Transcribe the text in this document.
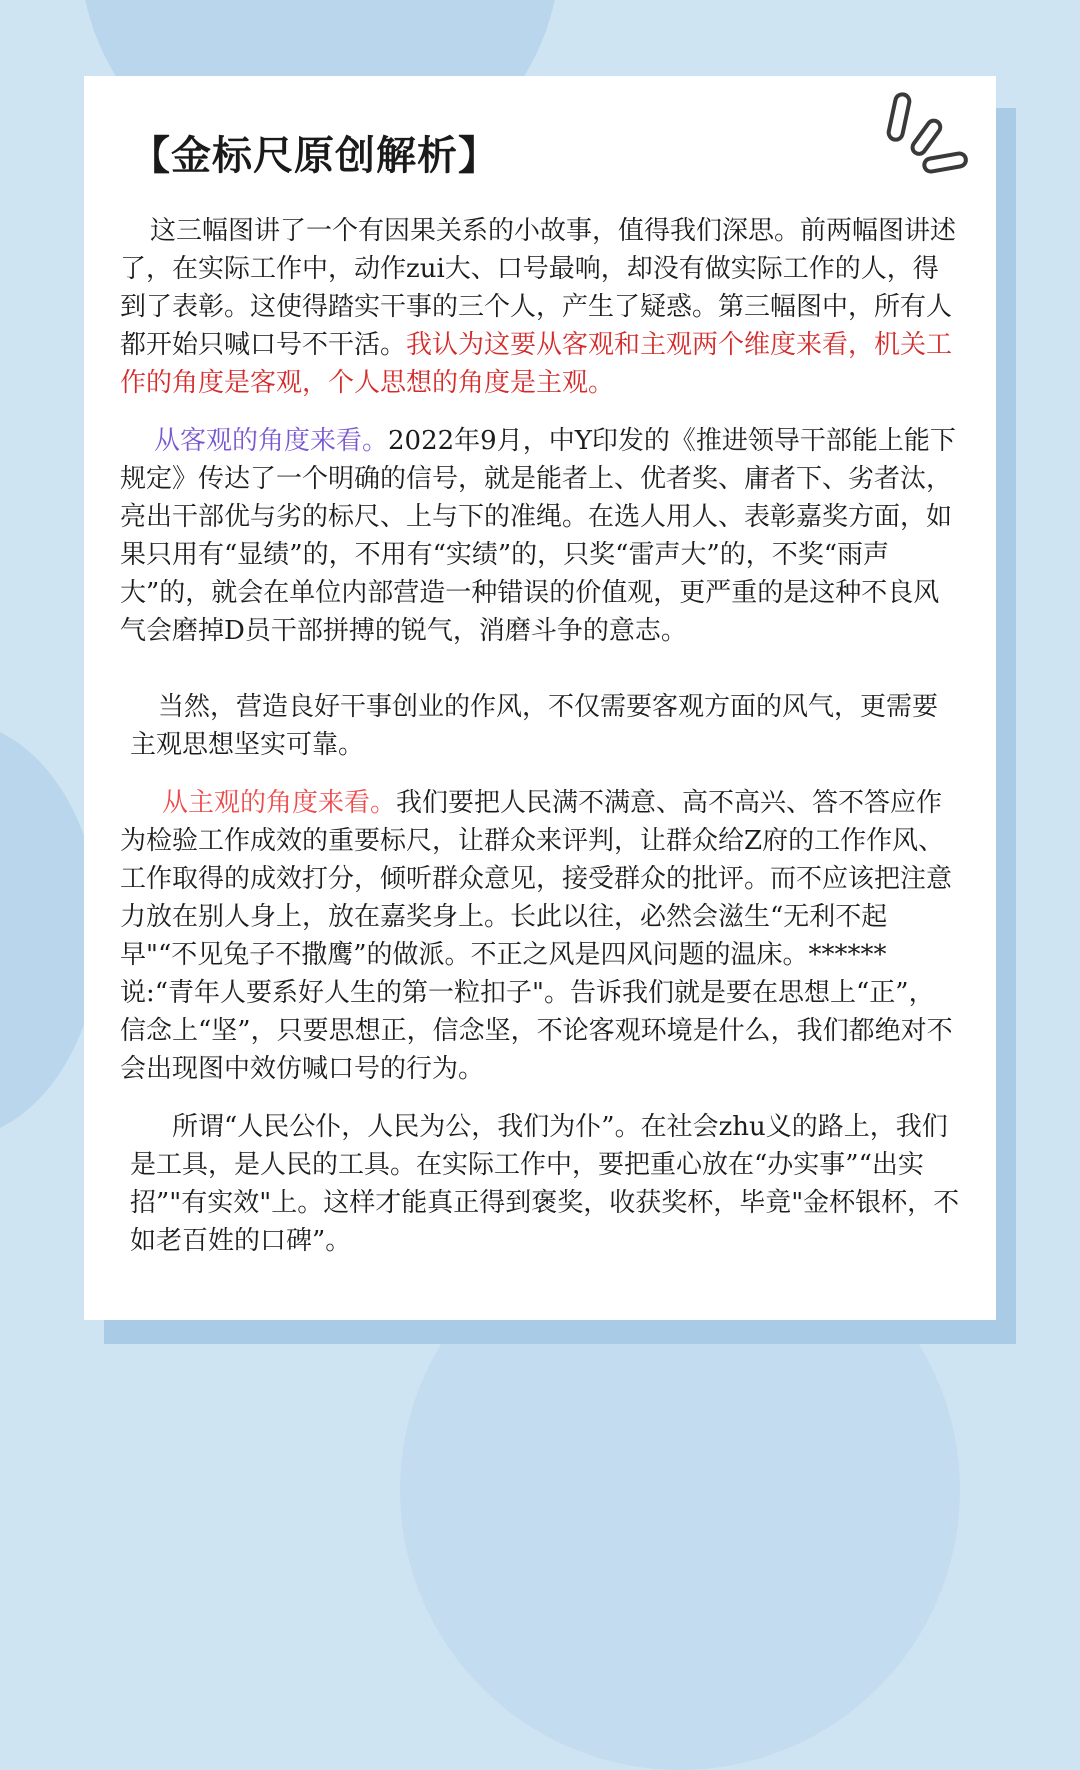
【金标尺原创解析】

这三幅图讲了一个有因果关系的小故事，值得我们深思。前两幅图讲述了，在实际工作中，动作zui大、口号最响，却没有做实际工作的人，得到了表彰。这使得踏实干事的三个人，产生了疑惑。第三幅图中，所有人都开始只喊口号不干活。我认为这要从客观和主观两个维度来看，机关工作的角度是客观，个人思想的角度是主观。

从客观的角度来看。2022年9月，中Y印发的《推进领导干部能上能下规定》传达了一个明确的信号，就是能者上、优者奖、庸者下、劣者汰，亮出干部优与劣的标尺、上与下的准绳。在选人用人、表彰嘉奖方面，如果只用有“显绩”的，不用有“实绩”的，只奖“雷声大”的，不奖“雨声大”的，就会在单位内部营造一种错误的价值观，更严重的是这种不良风气会磨掉D员干部拼搏的锐气，消磨斗争的意志。

当然，营造良好干事创业的作风，不仅需要客观方面的风气，更需要主观思想坚实可靠。

从主观的角度来看。我们要把人民满不满意、高不高兴、答不答应作为检验工作成效的重要标尺，让群众来评判，让群众给Z府的工作作风、工作取得的成效打分，倾听群众意见，接受群众的批评。而不应该把注意力放在别人身上，放在嘉奖身上。长此以往，必然会滋生“无利不起早"“不见兔子不撒鹰”的做派。不正之风是四风问题的温床。******说:“青年人要系好人生的第一粒扣子"。告诉我们就是要在思想上“正”，信念上“坚”，只要思想正，信念坚，不论客观环境是什么，我们都绝对不会出现图中效仿喊口号的行为。

所谓“人民公仆，人民为公，我们为仆”。在社会zhu义的路上，我们是工具，是人民的工具。在实际工作中，要把重心放在“办实事”“出实招”"有实效"上。这样才能真正得到褒奖，收获奖杯，毕竟"金杯银杯，不如老百姓的口碑”。
